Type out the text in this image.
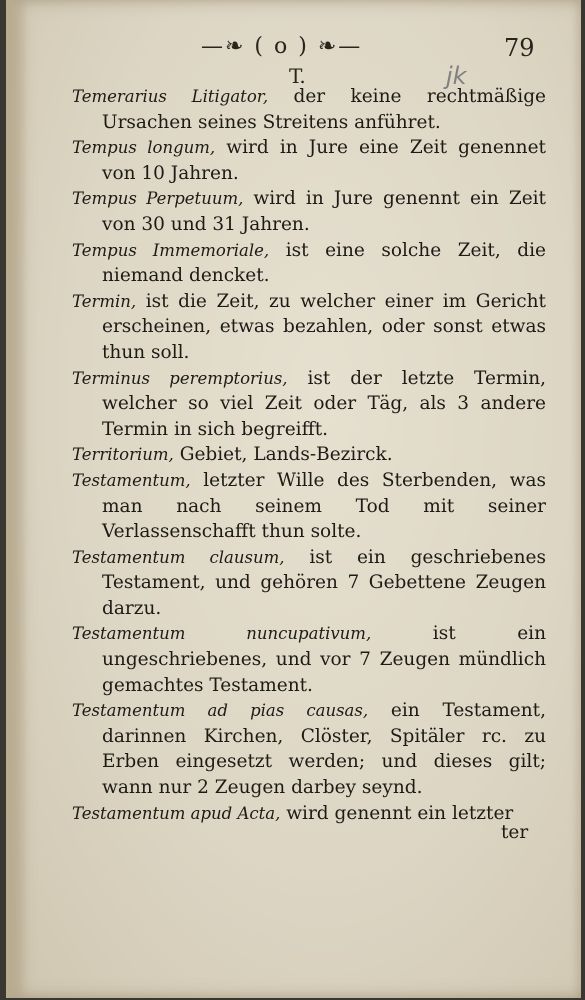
—❧ ( o ) ❧—
jk
79
T.

Temerarius Litigator, der keine rechtmäßige Ursachen seines Streitens anführet.

Tempus longum, wird in Jure eine Zeit genennet von 10 Jahren.

Tempus Perpetuum, wird in Jure genennt ein Zeit von 30 und 31 Jahren.

Tempus Immemoriale, ist eine solche Zeit, die niemand dencket.

Termin, ist die Zeit, zu welcher einer im Gericht erscheinen, etwas bezahlen, oder sonst etwas thun soll.

Terminus peremptorius, ist der letzte Termin, welcher so viel Zeit oder Täg, als 3 andere Termin in sich begreifft.

Territorium, Gebiet, Lands-Bezirck.

Testamentum, letzter Wille des Sterbenden, was man nach seinem Tod mit seiner Verlassenschafft thun solte.

Testamentum clausum, ist ein geschriebenes Testament, und gehören 7 Gebettene Zeugen darzu.

Testamentum nuncupativum,	ist ein ungeschriebenes, und vor 7 Zeugen mündlich gemachtes Testament.

Testamentum ad pias causas, ein Testament, darinnen Kirchen, Clöster, Spitäler rc. zu Erben eingesetzt werden; und dieses gilt; wann nur 2 Zeugen darbey seynd.

Testamentum apud Acta, wird genennt ein letzter

ter
